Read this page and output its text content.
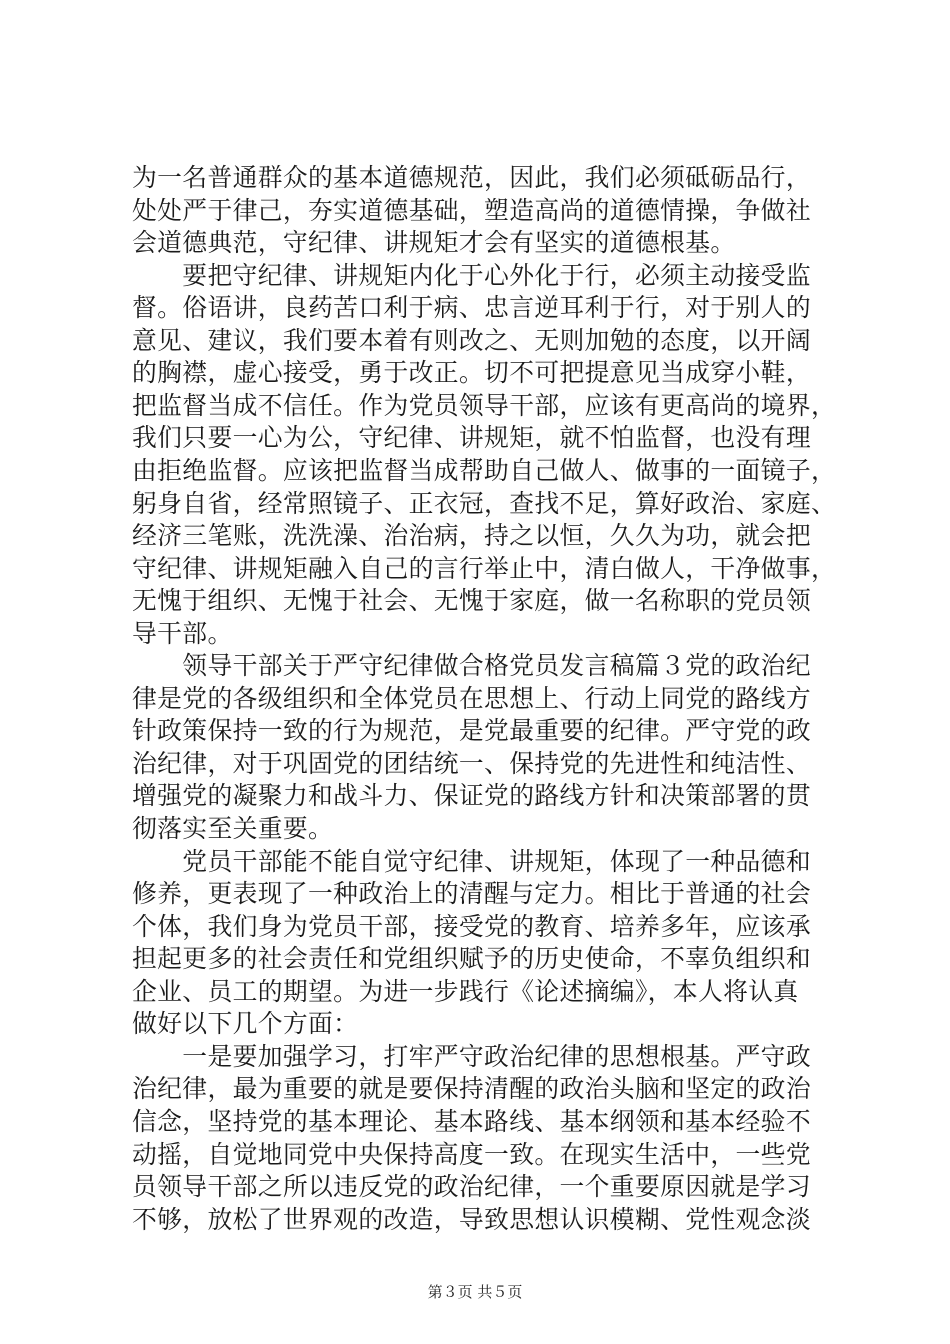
为一名普通群众的基本道德规范，因此，我们必须砥砺品行，
处处严于律己，夯实道德基础，塑造高尚的道德情操，争做社
会道德典范，守纪律、讲规矩才会有坚实的道德根基。
　　要把守纪律、讲规矩内化于心外化于行，必须主动接受监
督。俗语讲，良药苦口利于病、忠言逆耳利于行，对于别人的
意见、建议，我们要本着有则改之、无则加勉的态度，以开阔
的胸襟，虚心接受，勇于改正。切不可把提意见当成穿小鞋，
把监督当成不信任。作为党员领导干部，应该有更高尚的境界，
我们只要一心为公，守纪律、讲规矩，就不怕监督，也没有理
由拒绝监督。应该把监督当成帮助自己做人、做事的一面镜子，
躬身自省，经常照镜子、正衣冠，查找不足，算好政治、家庭、
经济三笔账，洗洗澡、治治病，持之以恒，久久为功，就会把
守纪律、讲规矩融入自己的言行举止中，清白做人，干净做事，
无愧于组织、无愧于社会、无愧于家庭，做一名称职的党员领
导干部。
　　领导干部关于严守纪律做合格党员发言稿篇３党的政治纪
律是党的各级组织和全体党员在思想上、行动上同党的路线方
针政策保持一致的行为规范，是党最重要的纪律。严守党的政
治纪律，对于巩固党的团结统一、保持党的先进性和纯洁性、
增强党的凝聚力和战斗力、保证党的路线方针和决策部署的贯
彻落实至关重要。
　　党员干部能不能自觉守纪律、讲规矩，体现了一种品德和
修养，更表现了一种政治上的清醒与定力。相比于普通的社会
个体，我们身为党员干部，接受党的教育、培养多年，应该承
担起更多的社会责任和党组织赋予的历史使命，不辜负组织和
企业、员工的期望。为进一步践行《论述摘编》，本人将认真
做好以下几个方面：
　　一是要加强学习，打牢严守政治纪律的思想根基。严守政
治纪律，最为重要的就是要保持清醒的政治头脑和坚定的政治
信念，坚持党的基本理论、基本路线、基本纲领和基本经验不
动摇，自觉地同党中央保持高度一致。在现实生活中，一些党
员领导干部之所以违反党的政治纪律，一个重要原因就是学习
不够，放松了世界观的改造，导致思想认识模糊、党性观念淡
第３页 共５页
